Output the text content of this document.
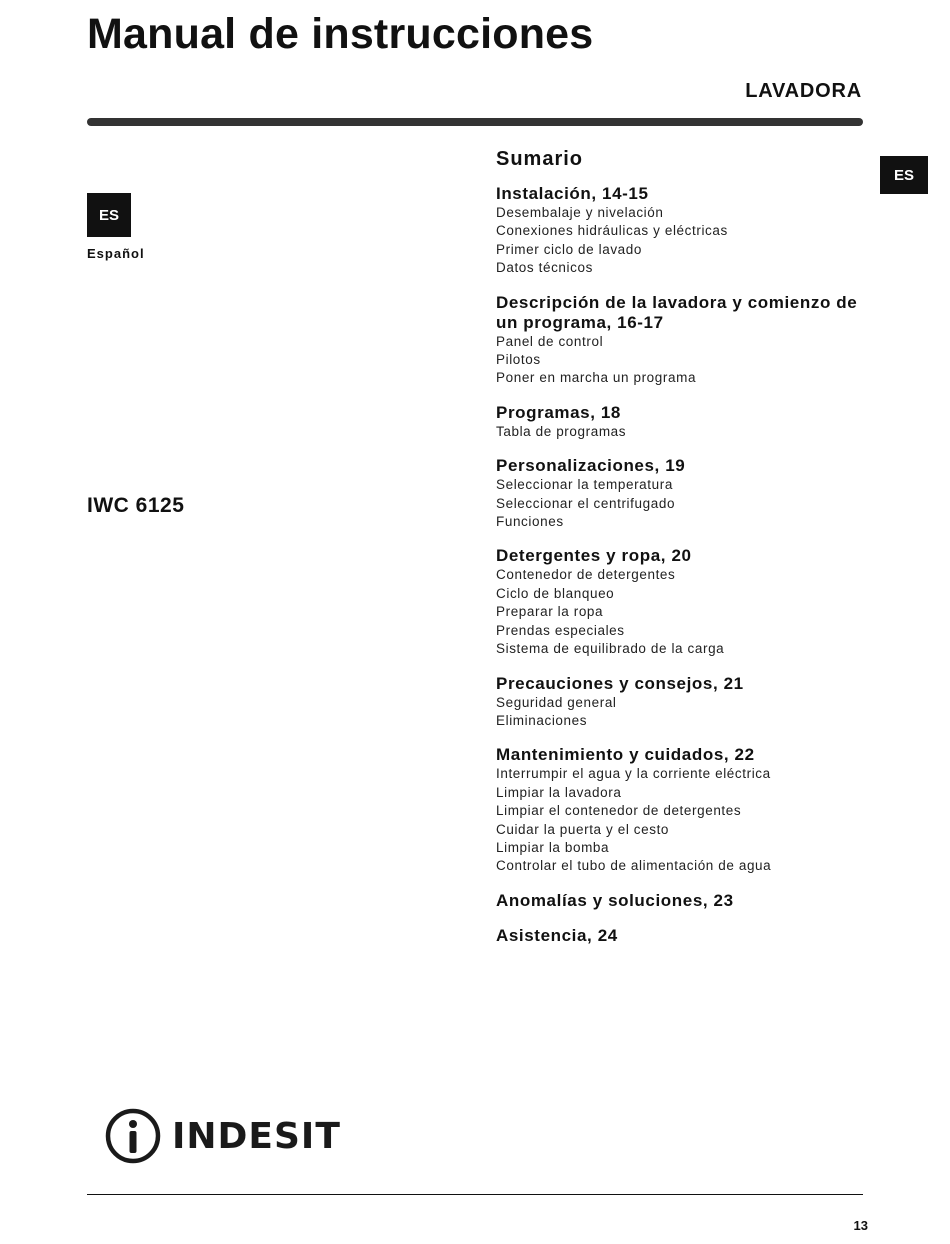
Manual de instrucciones
LAVADORA
ES
Español
ES
IWC 6125
Sumario
Instalación, 14-15
Desembalaje y nivelación
Conexiones hidráulicas y eléctricas
Primer ciclo de lavado
Datos técnicos
Descripción de la lavadora y comienzo de un programa, 16-17
Panel de control
Pilotos
Poner en marcha un programa
Programas, 18
Tabla de programas
Personalizaciones, 19
Seleccionar la temperatura
Seleccionar el centrifugado
Funciones
Detergentes y ropa, 20
Contenedor de detergentes
Ciclo de blanqueo
Preparar la ropa
Prendas especiales
Sistema de equilibrado de la carga
Precauciones y consejos, 21
Seguridad general
Eliminaciones
Mantenimiento y cuidados, 22
Interrumpir el agua y la corriente eléctrica
Limpiar la lavadora
Limpiar el contenedor de detergentes
Cuidar la puerta y el cesto
Limpiar la bomba
Controlar el tubo de alimentación de agua
Anomalías y soluciones, 23
Asistencia, 24
INDESIT
13
